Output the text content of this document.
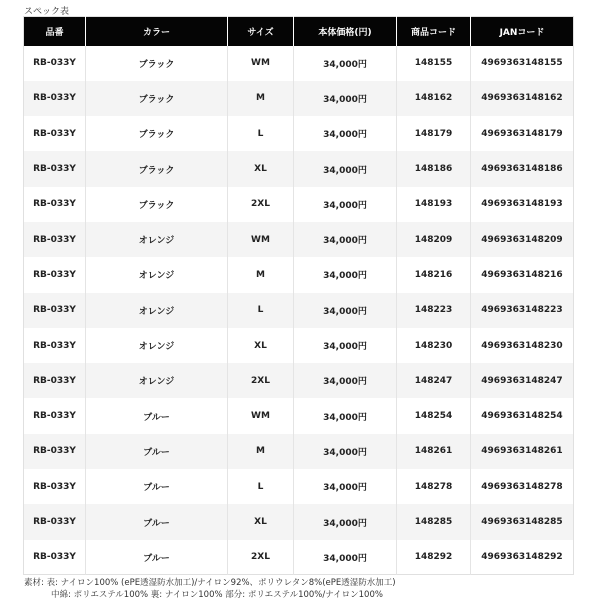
スペック表
品番	カラー	サイズ	本体価格(円)	商品コード	JANコード
RB-033Y	ブラック	WM	34,000円	148155	4969363148155
RB-033Y	ブラック	M	34,000円	148162	4969363148162
RB-033Y	ブラック	L	34,000円	148179	4969363148179
RB-033Y	ブラック	XL	34,000円	148186	4969363148186
RB-033Y	ブラック	2XL	34,000円	148193	4969363148193
RB-033Y	オレンジ	WM	34,000円	148209	4969363148209
RB-033Y	オレンジ	M	34,000円	148216	4969363148216
RB-033Y	オレンジ	L	34,000円	148223	4969363148223
RB-033Y	オレンジ	XL	34,000円	148230	4969363148230
RB-033Y	オレンジ	2XL	34,000円	148247	4969363148247
RB-033Y	ブルー	WM	34,000円	148254	4969363148254
RB-033Y	ブルー	M	34,000円	148261	4969363148261
RB-033Y	ブルー	L	34,000円	148278	4969363148278
RB-033Y	ブルー	XL	34,000円	148285	4969363148285
RB-033Y	ブルー	2XL	34,000円	148292	4969363148292
素材: 表: ナイロン100% (ePE透湿防水加工)/ナイロン92%、ポリウレタン8%(ePE透湿防水加工)
中綿: ポリエステル100% 裏: ナイロン100% 部分: ポリエステル100%/ナイロン100%
